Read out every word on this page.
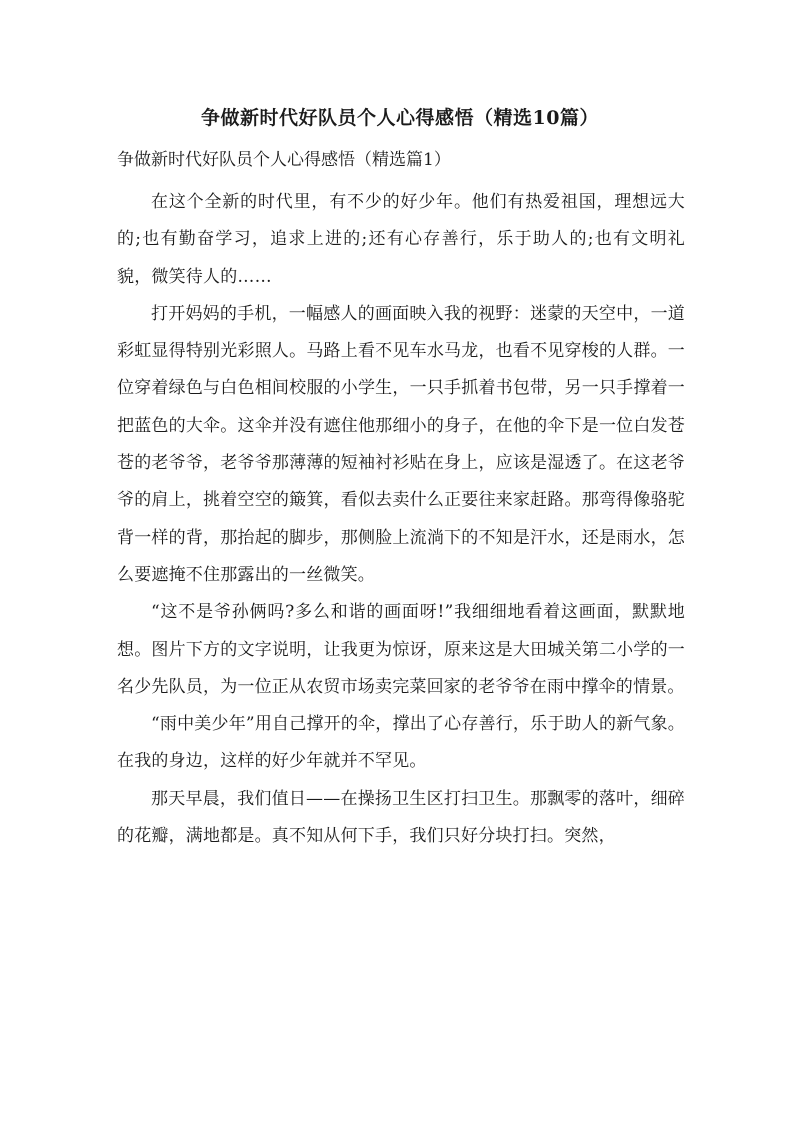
争做新时代好队员个人心得感悟（精选10篇）
争做新时代好队员个人心得感悟（精选篇1）

在这个全新的时代里，有不少的好少年。他们有热爱祖国，理想远大的;也有勤奋学习，追求上进的;还有心存善行，乐于助人的;也有文明礼貌，微笑待人的……

打开妈妈的手机，一幅感人的画面映入我的视野：迷蒙的天空中，一道彩虹显得特别光彩照人。马路上看不见车水马龙，也看不见穿梭的人群。一位穿着绿色与白色相间校服的小学生，一只手抓着书包带，另一只手撑着一把蓝色的大伞。这伞并没有遮住他那细小的身子，在他的伞下是一位白发苍苍的老爷爷，老爷爷那薄薄的短袖衬衫贴在身上，应该是湿透了。在这老爷爷的肩上，挑着空空的簸箕，看似去卖什么正要往来家赶路。那弯得像骆驼背一样的背，那抬起的脚步，那侧脸上流淌下的不知是汗水，还是雨水，怎么要遮掩不住那露出的一丝微笑。

“这不是爷孙俩吗?多么和谐的画面呀!”我细细地看着这画面，默默地想。图片下方的文字说明，让我更为惊讶，原来这是大田城关第二小学的一名少先队员，为一位正从农贸市场卖完菜回家的老爷爷在雨中撑伞的情景。

“雨中美少年”用自己撑开的伞，撑出了心存善行，乐于助人的新气象。在我的身边，这样的好少年就并不罕见。

那天早晨，我们值日——在操扬卫生区打扫卫生。那飘零的落叶，细碎的花瓣，满地都是。真不知从何下手，我们只好分块打扫。突然，
